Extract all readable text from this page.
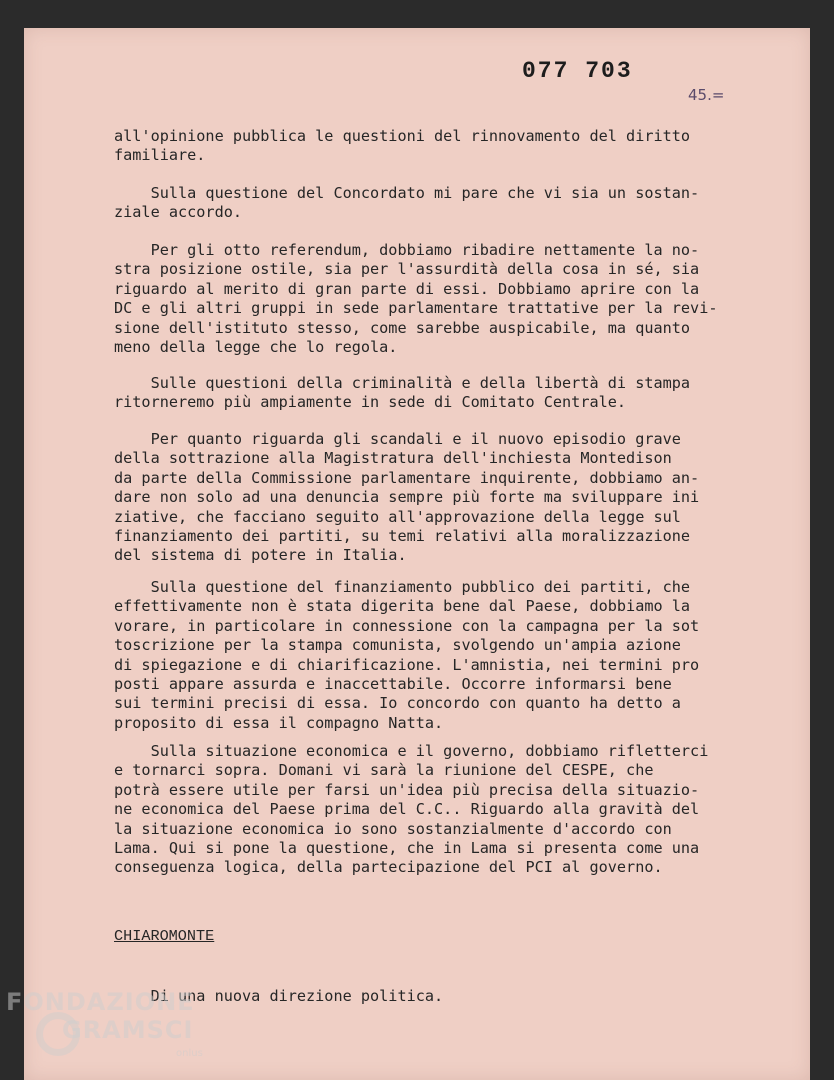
077 703
45.=
all'opinione pubblica le questioni del rinnovamento del diritto
familiare.
Sulla questione del Concordato mi pare che vi sia un sostan-
ziale accordo.
Per gli otto referendum, dobbiamo ribadire nettamente la no-
stra posizione ostile, sia per l'assurdità della cosa in sé, sia
riguardo al merito di gran parte di essi. Dobbiamo aprire con la
DC e gli altri gruppi in sede parlamentare trattative per la revi-
sione dell'istituto stesso, come sarebbe auspicabile, ma quanto
meno della legge che lo regola.
Sulle questioni della criminalità e della libertà di stampa
ritorneremo più ampiamente in sede di Comitato Centrale.
Per quanto riguarda gli scandali e il nuovo episodio grave
della sottrazione alla Magistratura dell'inchiesta Montedison
da parte della Commissione parlamentare inquirente, dobbiamo an-
dare non solo ad una denuncia sempre più forte ma sviluppare ini
ziative, che facciano seguito all'approvazione della legge sul
finanziamento dei partiti, su temi relativi alla moralizzazione
del sistema di potere in Italia.
Sulla questione del finanziamento pubblico dei partiti, che
effettivamente non è stata digerita bene dal Paese, dobbiamo la
vorare, in particolare in connessione con la campagna per la sot
toscrizione per la stampa comunista, svolgendo un'ampia azione
di spiegazione e di chiarificazione. L'amnistia, nei termini pro
posti appare assurda e inaccettabile. Occorre informarsi bene
sui termini precisi di essa. Io concordo con quanto ha detto a
proposito di essa il compagno Natta.
Sulla situazione economica e il governo, dobbiamo rifletterci
e tornarci sopra. Domani vi sarà la riunione del CESPE, che
potrà essere utile per farsi un'idea più precisa della situazio-
ne economica del Paese prima del C.C.. Riguardo alla gravità del
la situazione economica io sono sostanzialmente d'accordo con
Lama. Qui si pone la questione, che in Lama si presenta come una
conseguenza logica, della partecipazione del PCI al governo.
CHIAROMONTE
Di una nuova direzione politica.
FONDAZIONE
GRAMSCI
onlus
